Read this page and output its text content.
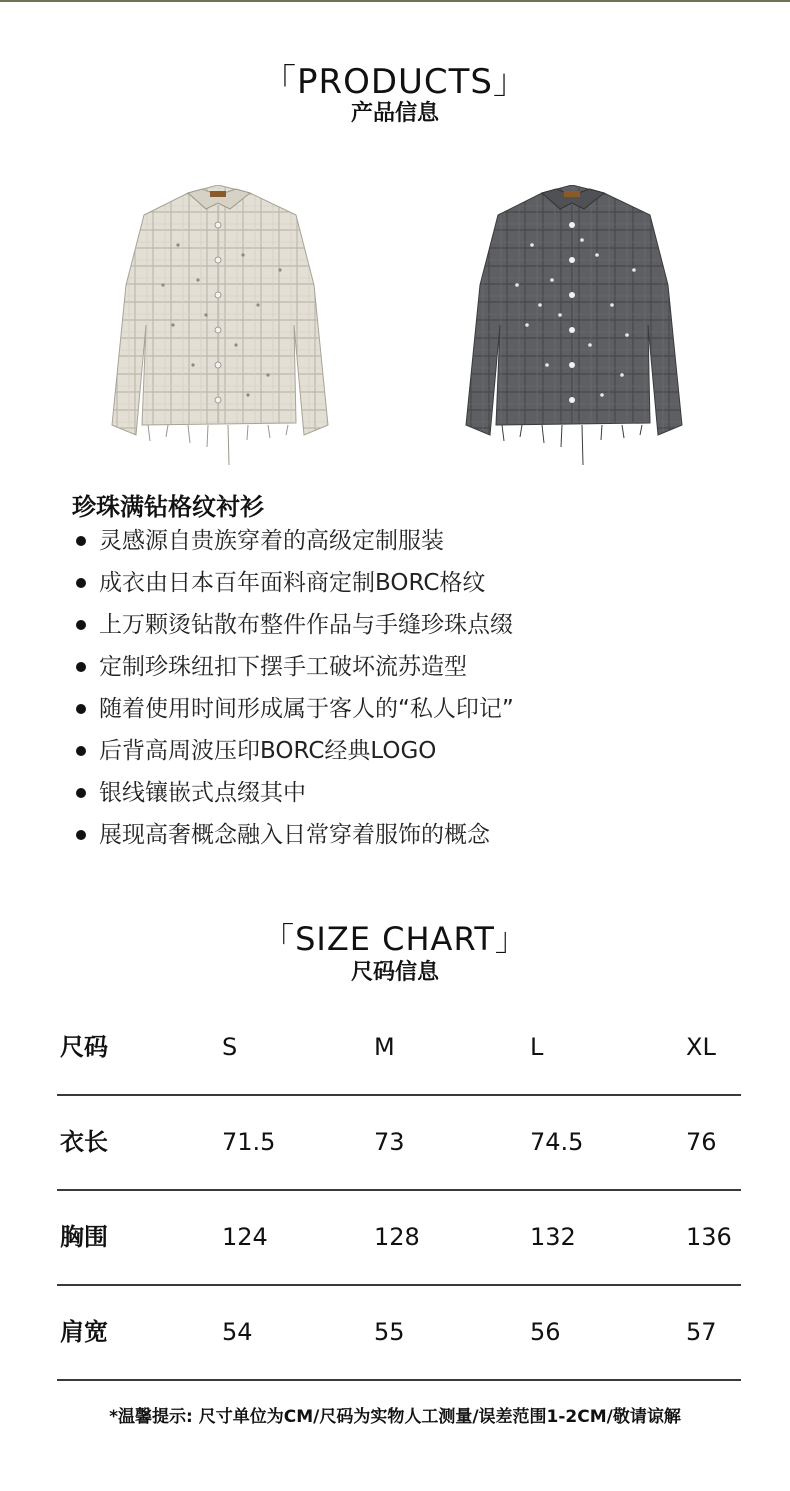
「PRODUCTS」
产品信息
珍珠满钻格纹衬衫
灵感源自贵族穿着的高级定制服装
成衣由日本百年面料商定制BORC格纹
上万颗烫钻散布整件作品与手缝珍珠点缀
定制珍珠纽扣下摆手工破坏流苏造型
随着使用时间形成属于客人的“私人印记”
后背高周波压印BORC经典LOGO
银线镶嵌式点缀其中
展现高奢概念融入日常穿着服饰的概念
「SIZE CHART」
尺码信息
尺码	S	M	L	XL
衣长	71.5	73	74.5	76
胸围	124	128	132	136
肩宽	54	55	56	57
*温馨提示: 尺寸单位为CM/尺码为实物人工测量/误差范围1-2CM/敬请谅解
